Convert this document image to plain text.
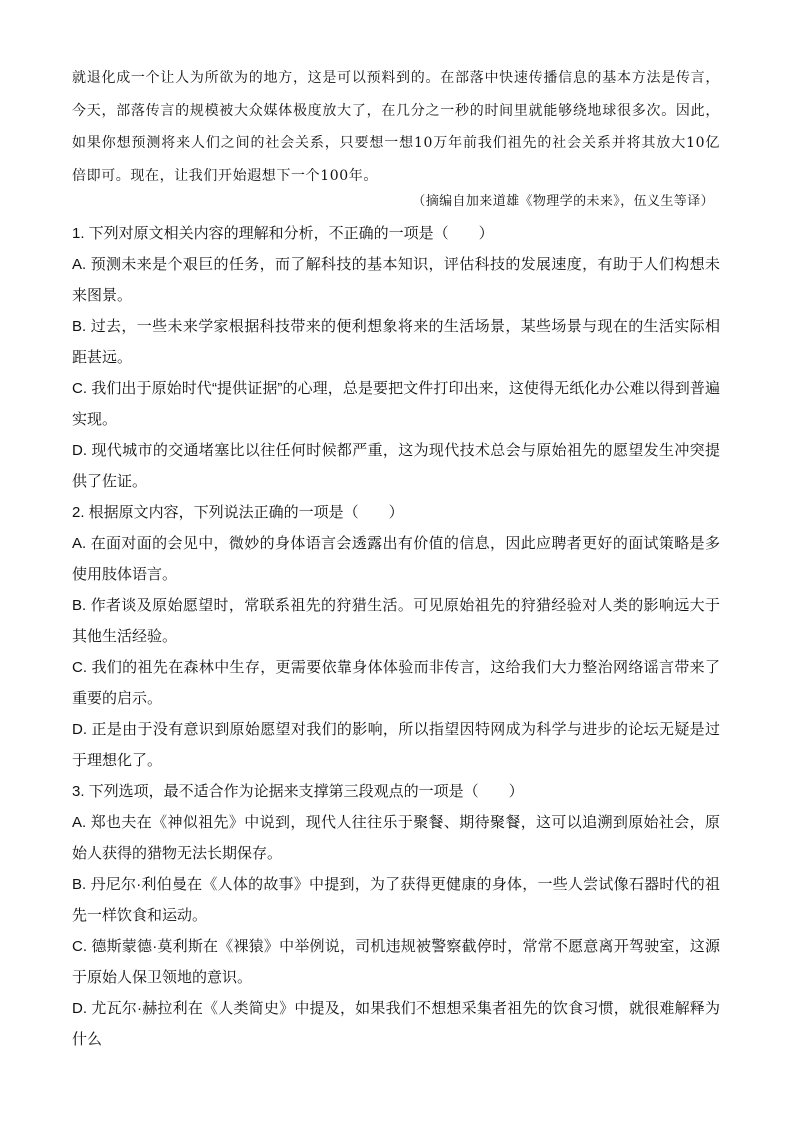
就退化成一个让人为所欲为的地方，这是可以预料到的。在部落中快速传播信息的基本方法是传言，今天，部落传言的规模被大众媒体极度放大了，在几分之一秒的时间里就能够绕地球很多次。因此，如果你想预测将来人们之间的社会关系，只要想一想10万年前我们祖先的社会关系并将其放大10亿倍即可。现在，让我们开始遐想下一个100年。

（摘编自加来道雄《物理学的未来》，伍义生等译）
1. 下列对原文相关内容的理解和分析，不正确的一项是（　　）
A. 预测未来是个艰巨的任务，而了解科技的基本知识，评估科技的发展速度，有助于人们构想未来图景。
B. 过去，一些未来学家根据科技带来的便利想象将来的生活场景，某些场景与现在的生活实际相距甚远。
C. 我们出于原始时代“提供证据”的心理，总是要把文件打印出来，这使得无纸化办公难以得到普遍实现。
D. 现代城市的交通堵塞比以往任何时候都严重，这为现代技术总会与原始祖先的愿望发生冲突提供了佐证。
2. 根据原文内容，下列说法正确的一项是（　　）
A. 在面对面的会见中，微妙的身体语言会透露出有价值的信息，因此应聘者更好的面试策略是多使用肢体语言。
B. 作者谈及原始愿望时，常联系祖先的狩猎生活。可见原始祖先的狩猎经验对人类的影响远大于其他生活经验。
C. 我们的祖先在森林中生存，更需要依靠身体体验而非传言，这给我们大力整治网络谣言带来了重要的启示。
D. 正是由于没有意识到原始愿望对我们的影响，所以指望因特网成为科学与进步的论坛无疑是过于理想化了。
3. 下列选项，最不适合作为论据来支撑第三段观点的一项是（　　）
A. 郑也夫在《神似祖先》中说到，现代人往往乐于聚餐、期待聚餐，这可以追溯到原始社会，原始人获得的猎物无法长期保存。
B. 丹尼尔·利伯曼在《人体的故事》中提到，为了获得更健康的身体，一些人尝试像石器时代的祖先一样饮食和运动。
C. 德斯蒙德·莫利斯在《裸猿》中举例说，司机违规被警察截停时，常常不愿意离开驾驶室，这源于原始人保卫领地的意识。
D. 尤瓦尔·赫拉利在《人类简史》中提及，如果我们不想想采集者祖先的饮食习惯，就很难解释为什么
